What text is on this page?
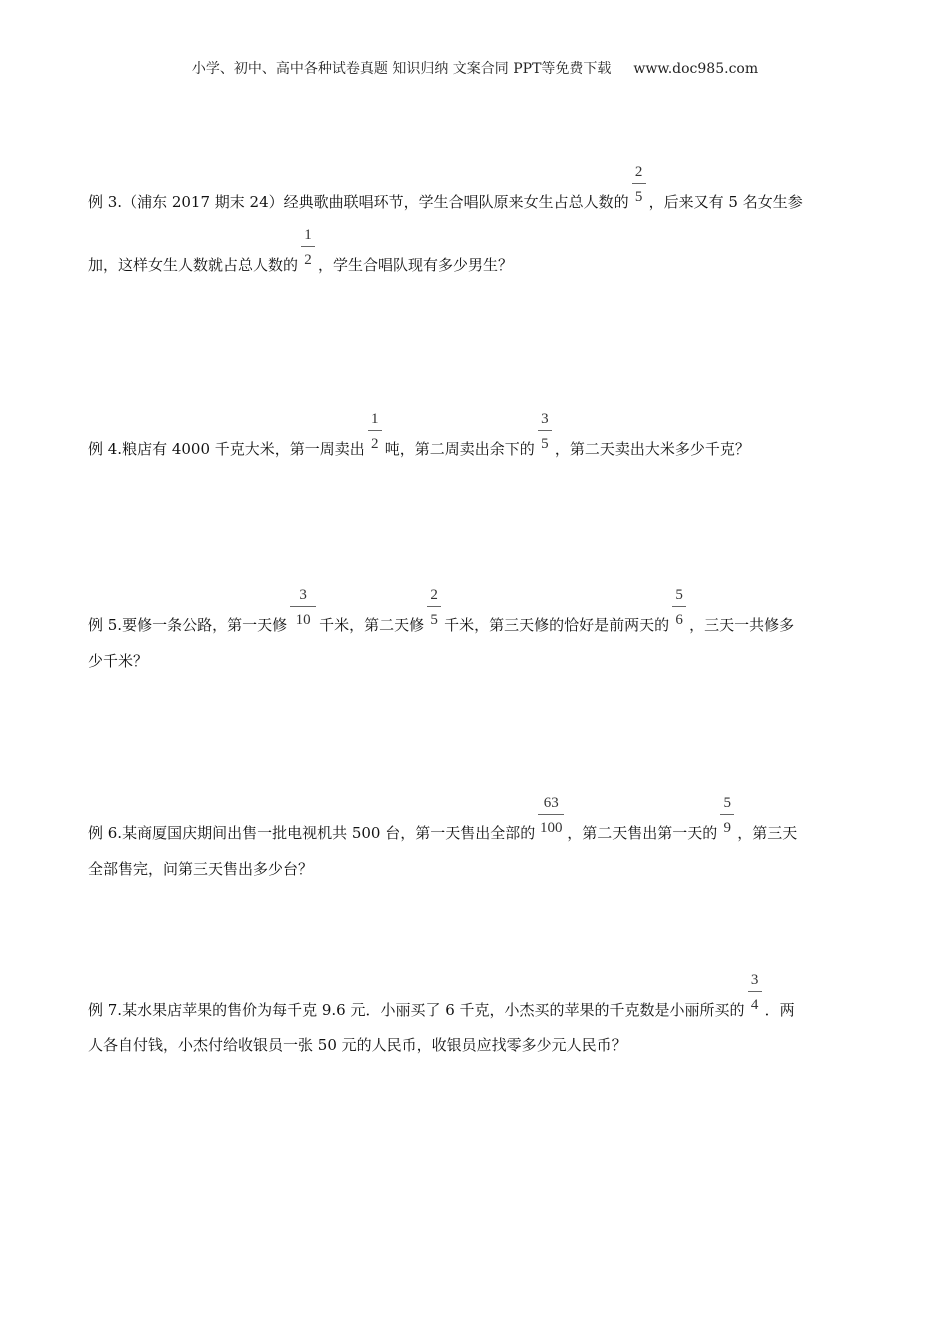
小学、初中、高中各种试卷真题 知识归纳 文案合同 PPT等免费下载 www.doc985.com
例 3.（浦东 2017 期末 24）经典歌曲联唱环节，学生合唱队原来女生占总人数的 $\frac{2}{5}$ ，后来又有 5 名女生参
加，这样女生人数就占总人数的 $\frac{1}{2}$ ，学生合唱队现有多少男生？
例 4.粮店有 4000 千克大米，第一周卖出 $\frac{1}{2}$ 吨，第二周卖出余下的 $\frac{3}{5}$ ，第二天卖出大米多少千克？
例 5.要修一条公路，第一天修 $\frac{3}{10}$ 千米，第二天修 $\frac{2}{5}$ 千米，第三天修的恰好是前两天的 $\frac{5}{6}$ ，三天一共修多
少千米？
例 6.某商厦国庆期间出售一批电视机共 500 台，第一天售出全部的 $\frac{63}{100}$ ，第二天售出第一天的 $\frac{5}{9}$ ，第三天
全部售完，问第三天售出多少台？
例 7.某水果店苹果的售价为每千克 9.6 元．小丽买了 6 千克，小杰买的苹果的千克数是小丽所买的 $\frac{3}{4}$ ．两
人各自付钱，小杰付给收银员一张 50 元的人民币，收银员应找零多少元人民币？
